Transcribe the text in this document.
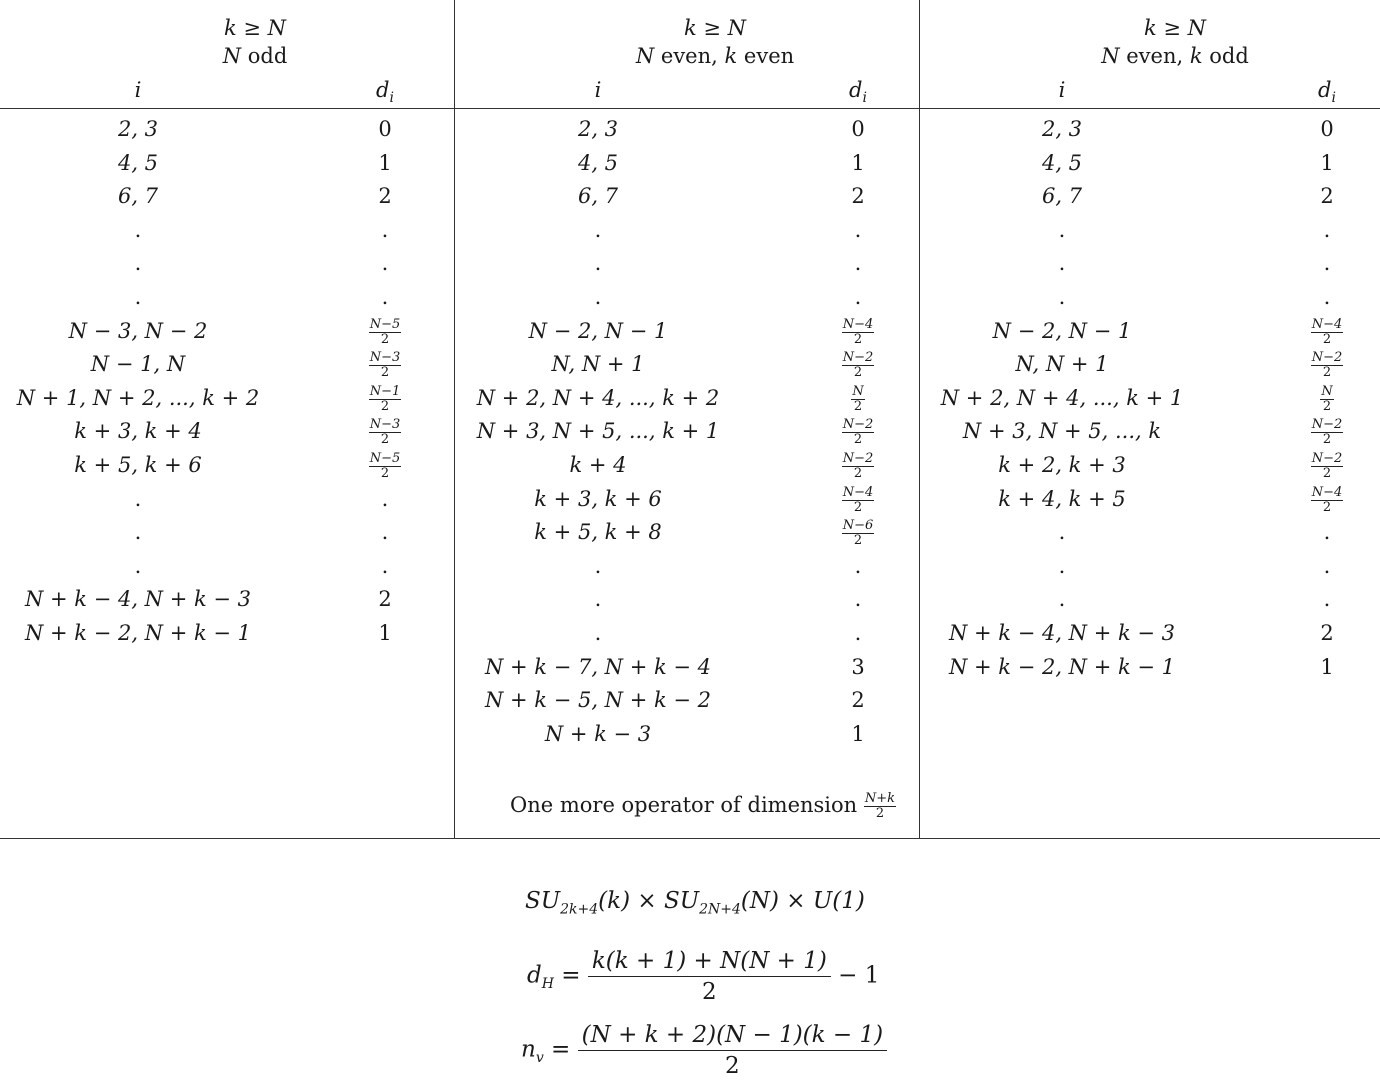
k ≥ N
N odd
i	$d_i$
2, 3	0
4, 5	1
6, 7	2
.	.
.	.
.	.
N − 3, N − 2	$\frac{N-5}{2}$
N − 1, N	$\frac{N-3}{2}$
N + 1, N + 2, ..., k + 2	$\frac{N-1}{2}$
k + 3, k + 4	$\frac{N-3}{2}$
k + 5, k + 6	$\frac{N-5}{2}$
.	.
.	.
.	.
N + k − 4, N + k − 3	2
N + k − 2, N + k − 1	1
k ≥ N
N even, k even
i	$d_i$
2, 3	0
4, 5	1
6, 7	2
.	.
.	.
.	.
N − 2, N − 1	$\frac{N-4}{2}$
N, N + 1	$\frac{N-2}{2}$
N + 2, N + 4, ..., k + 2	$\frac{N}{2}$
N + 3, N + 5, ..., k + 1	$\frac{N-2}{2}$
k + 4	$\frac{N-2}{2}$
k + 3, k + 6	$\frac{N-4}{2}$
k + 5, k + 8	$\frac{N-6}{2}$
.	.
.	.
.	.
N + k − 7, N + k − 4	3
N + k − 5, N + k − 2	2
N + k − 3	1
One more operator of dimension $\frac{N+k}{2}$
k ≥ N
N even, k odd
i	$d_i$
2, 3	0
4, 5	1
6, 7	2
.	.
.	.
.	.
N − 2, N − 1	$\frac{N-4}{2}$
N, N + 1	$\frac{N-2}{2}$
N + 2, N + 4, ..., k + 1	$\frac{N}{2}$
N + 3, N + 5, ..., k	$\frac{N-2}{2}$
k + 2, k + 3	$\frac{N-2}{2}$
k + 4, k + 5	$\frac{N-4}{2}$
.	.
.	.
.	.
N + k − 4, N + k − 3	2
N + k − 2, N + k − 1	1
$SU_{2k+4}(k) \times SU_{2N+4}(N) \times U(1)$
$d_H = \frac{k(k + 1) + N(N + 1)}{2} - 1$
$n_v = \frac{(N + k + 2)(N - 1)(k - 1)}{2}$
